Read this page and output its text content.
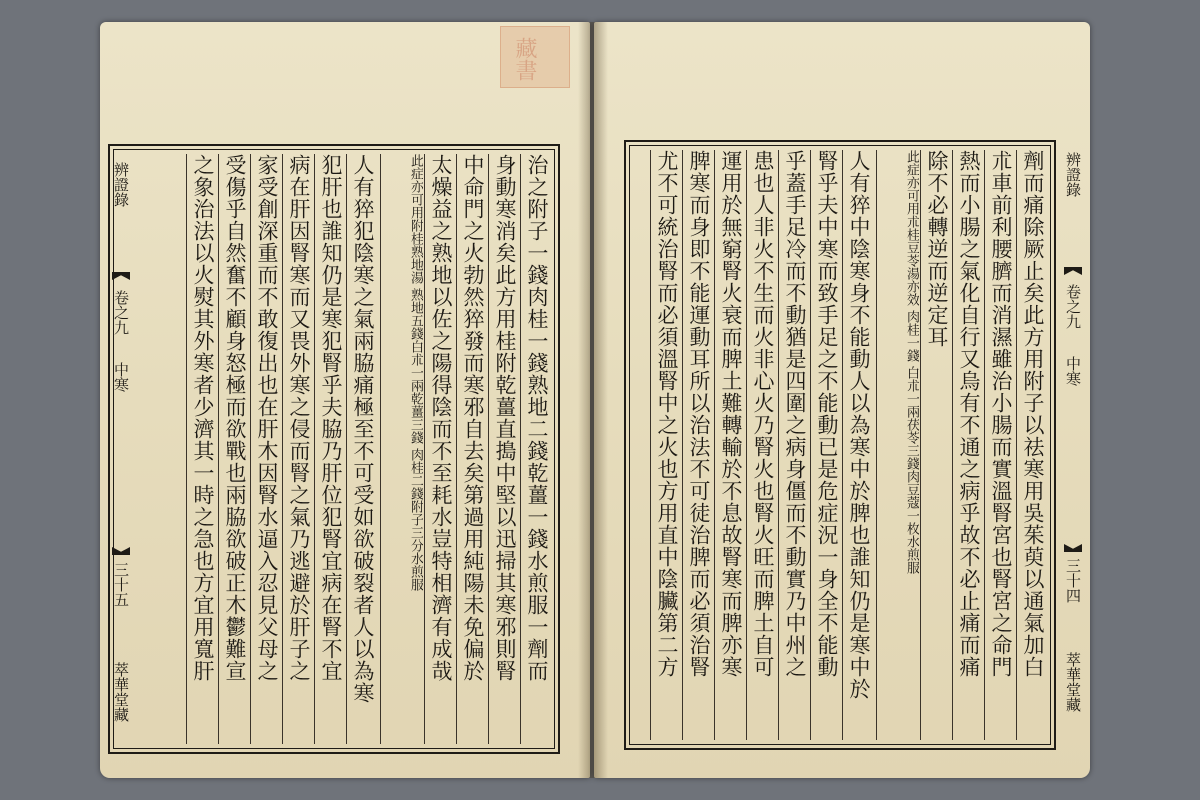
藏書
辨證錄
卷之九
中寒
三十五
萃華堂藏
治之附子一錢肉桂一錢熟地二錢乾薑一錢水煎服一劑而
身動寒消矣此方用桂附乾薑直搗中堅以迅掃其寒邪則腎
中命門之火勃然猝發而寒邪自去矣第過用純陽未免偏於
太燥益之熟地以佐之陽得陰而不至耗水豈特相濟有成哉
此症亦可用附桂熟地湯 熟地五錢白朮一兩乾薑三錢 肉桂二錢附子三分水煎服
人有猝犯陰寒之氣兩脇痛極至不可受如欲破裂者人以為寒
犯肝也誰知仍是寒犯腎乎夫脇乃肝位犯腎宜病在腎不宜
病在肝因腎寒而又畏外寒之侵而腎之氣乃逃避於肝子之
家受創深重而不敢復出也在肝木因腎水逼入忍見父母之
受傷乎自然奮不顧身怒極而欲戰也兩脇欲破正木鬱難宣
之象治法以火熨其外寒者少濟其一時之急也方宜用寬肝	劑而痛除厥止矣此方用附子以祛寒用吳茱萸以通氣加白
朮車前利腰臍而消濕雖治小腸而實溫腎宮也腎宮之命門
熱而小腸之氣化自行又烏有不通之病乎故不必止痛而痛
除不必轉逆而逆定耳
此症亦可用朮桂豆苓湯亦效 肉桂一錢 白朮一兩茯苓三錢肉豆蔻一枚水煎服
人有猝中陰寒身不能動人以為寒中於脾也誰知仍是寒中於
腎乎夫中寒而致手足之不能動已是危症況一身全不能動
乎蓋手足冷而不動猶是四圍之病身僵而不動實乃中州之
患也人非火不生而火非心火乃腎火也腎火旺而脾土自可
運用於無窮腎火衰而脾土難轉輸於不息故腎寒而脾亦寒
脾寒而身即不能運動耳所以治法不可徒治脾而必須治腎
尤不可統治腎而必須溫腎中之火也方用直中陰臟第二方	辨證錄
卷之九
中寒
三十四
萃華堂藏
